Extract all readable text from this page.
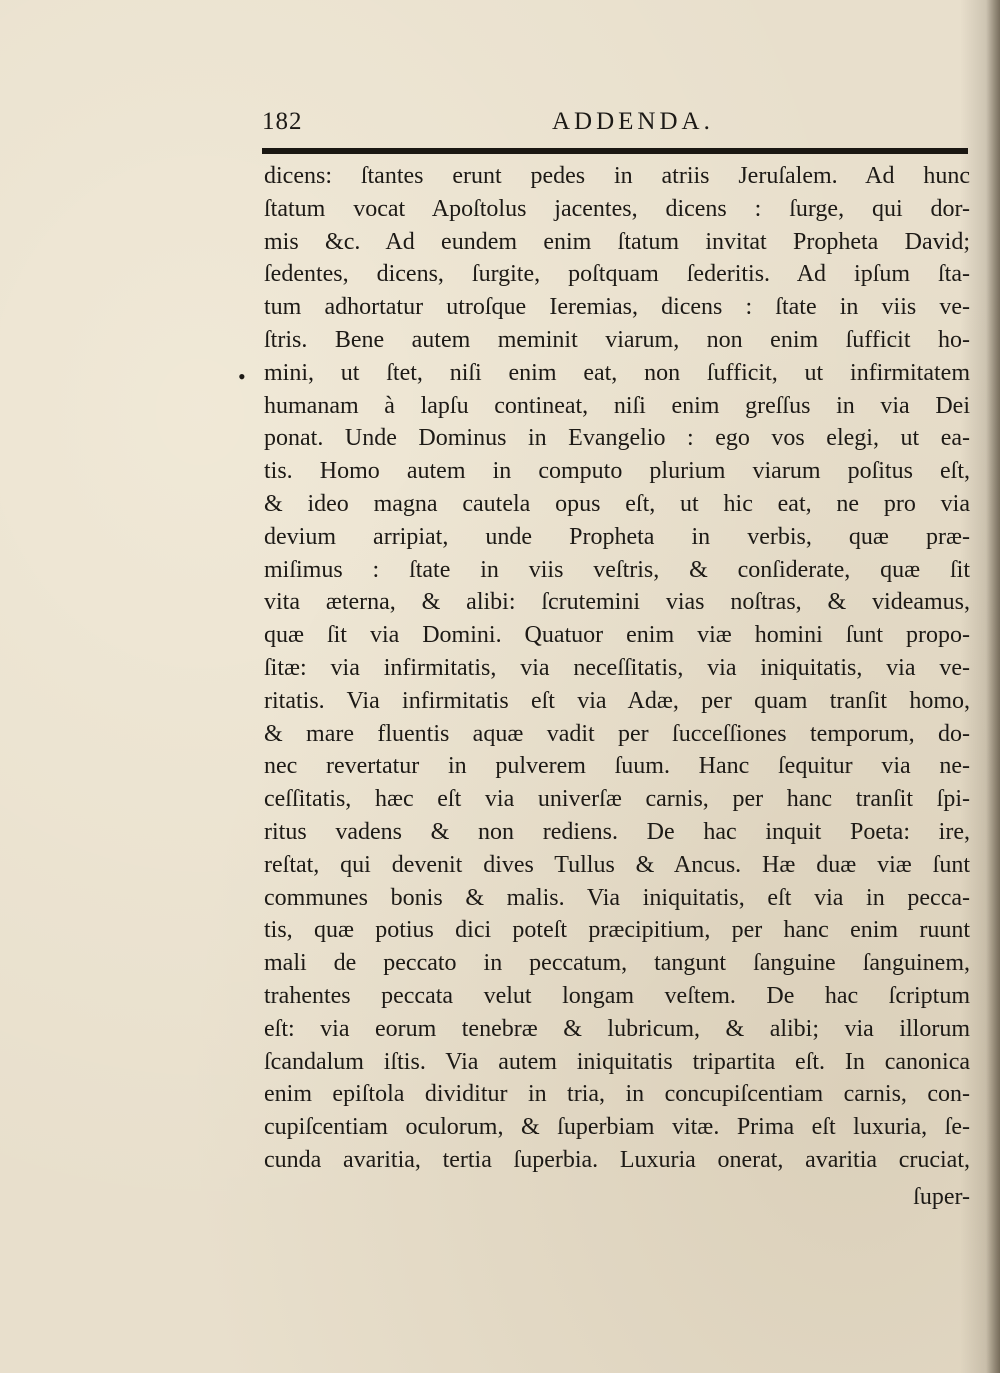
182	ADDENDA.
•
dicens: ſtantes erunt pedes in atriis Jeruſalem. Ad hunc
ſtatum vocat Apoſtolus jacentes, dicens : ſurge, qui dor-
mis &c. Ad eundem enim ſtatum invitat Propheta David;
ſedentes, dicens, ſurgite, poſtquam ſederitis. Ad ipſum ſta-
tum adhortatur utroſque Ieremias, dicens : ſtate in viis ve-
ſtris. Bene autem meminit viarum, non enim ſufficit ho-
mini, ut ſtet, niſi enim eat, non ſufficit, ut infirmitatem
humanam à lapſu contineat, niſi enim greſſus in via Dei
ponat. Unde Dominus in Evangelio : ego vos elegi, ut ea-
tis. Homo autem in computo plurium viarum poſitus eſt,
& ideo magna cautela opus eſt, ut hic eat, ne pro via
devium arripiat, unde Propheta in verbis, quæ præ-
miſimus : ſtate in viis veſtris, & conſiderate, quæ ſit
vita æterna, & alibi: ſcrutemini vias noſtras, & videamus,
quæ ſit via Domini. Quatuor enim viæ homini ſunt propo-
ſitæ: via infirmitatis, via neceſſitatis, via iniquitatis, via ve-
ritatis. Via infirmitatis eſt via Adæ, per quam tranſit homo,
& mare fluentis aquæ vadit per ſucceſſiones temporum, do-
nec revertatur in pulverem ſuum. Hanc ſequitur via ne-
ceſſitatis, hæc eſt via univerſæ carnis, per hanc tranſit ſpi-
ritus vadens & non rediens. De hac inquit Poeta: ire,
reſtat, qui devenit dives Tullus & Ancus. Hæ duæ viæ ſunt
communes bonis & malis. Via iniquitatis, eſt via in pecca-
tis, quæ potius dici poteſt præcipitium, per hanc enim ruunt
mali de peccato in peccatum, tangunt ſanguine ſanguinem,
trahentes peccata velut longam veſtem. De hac ſcriptum
eſt: via eorum tenebræ & lubricum, & alibi; via illorum
ſcandalum iſtis. Via autem iniquitatis tripartita eſt. In canonica
enim epiſtola dividitur in tria, in concupiſcentiam carnis, con-
cupiſcentiam oculorum, & ſuperbiam vitæ. Prima eſt luxuria, ſe-
cunda avaritia, tertia ſuperbia. Luxuria onerat, avaritia cruciat,
ſuper-
